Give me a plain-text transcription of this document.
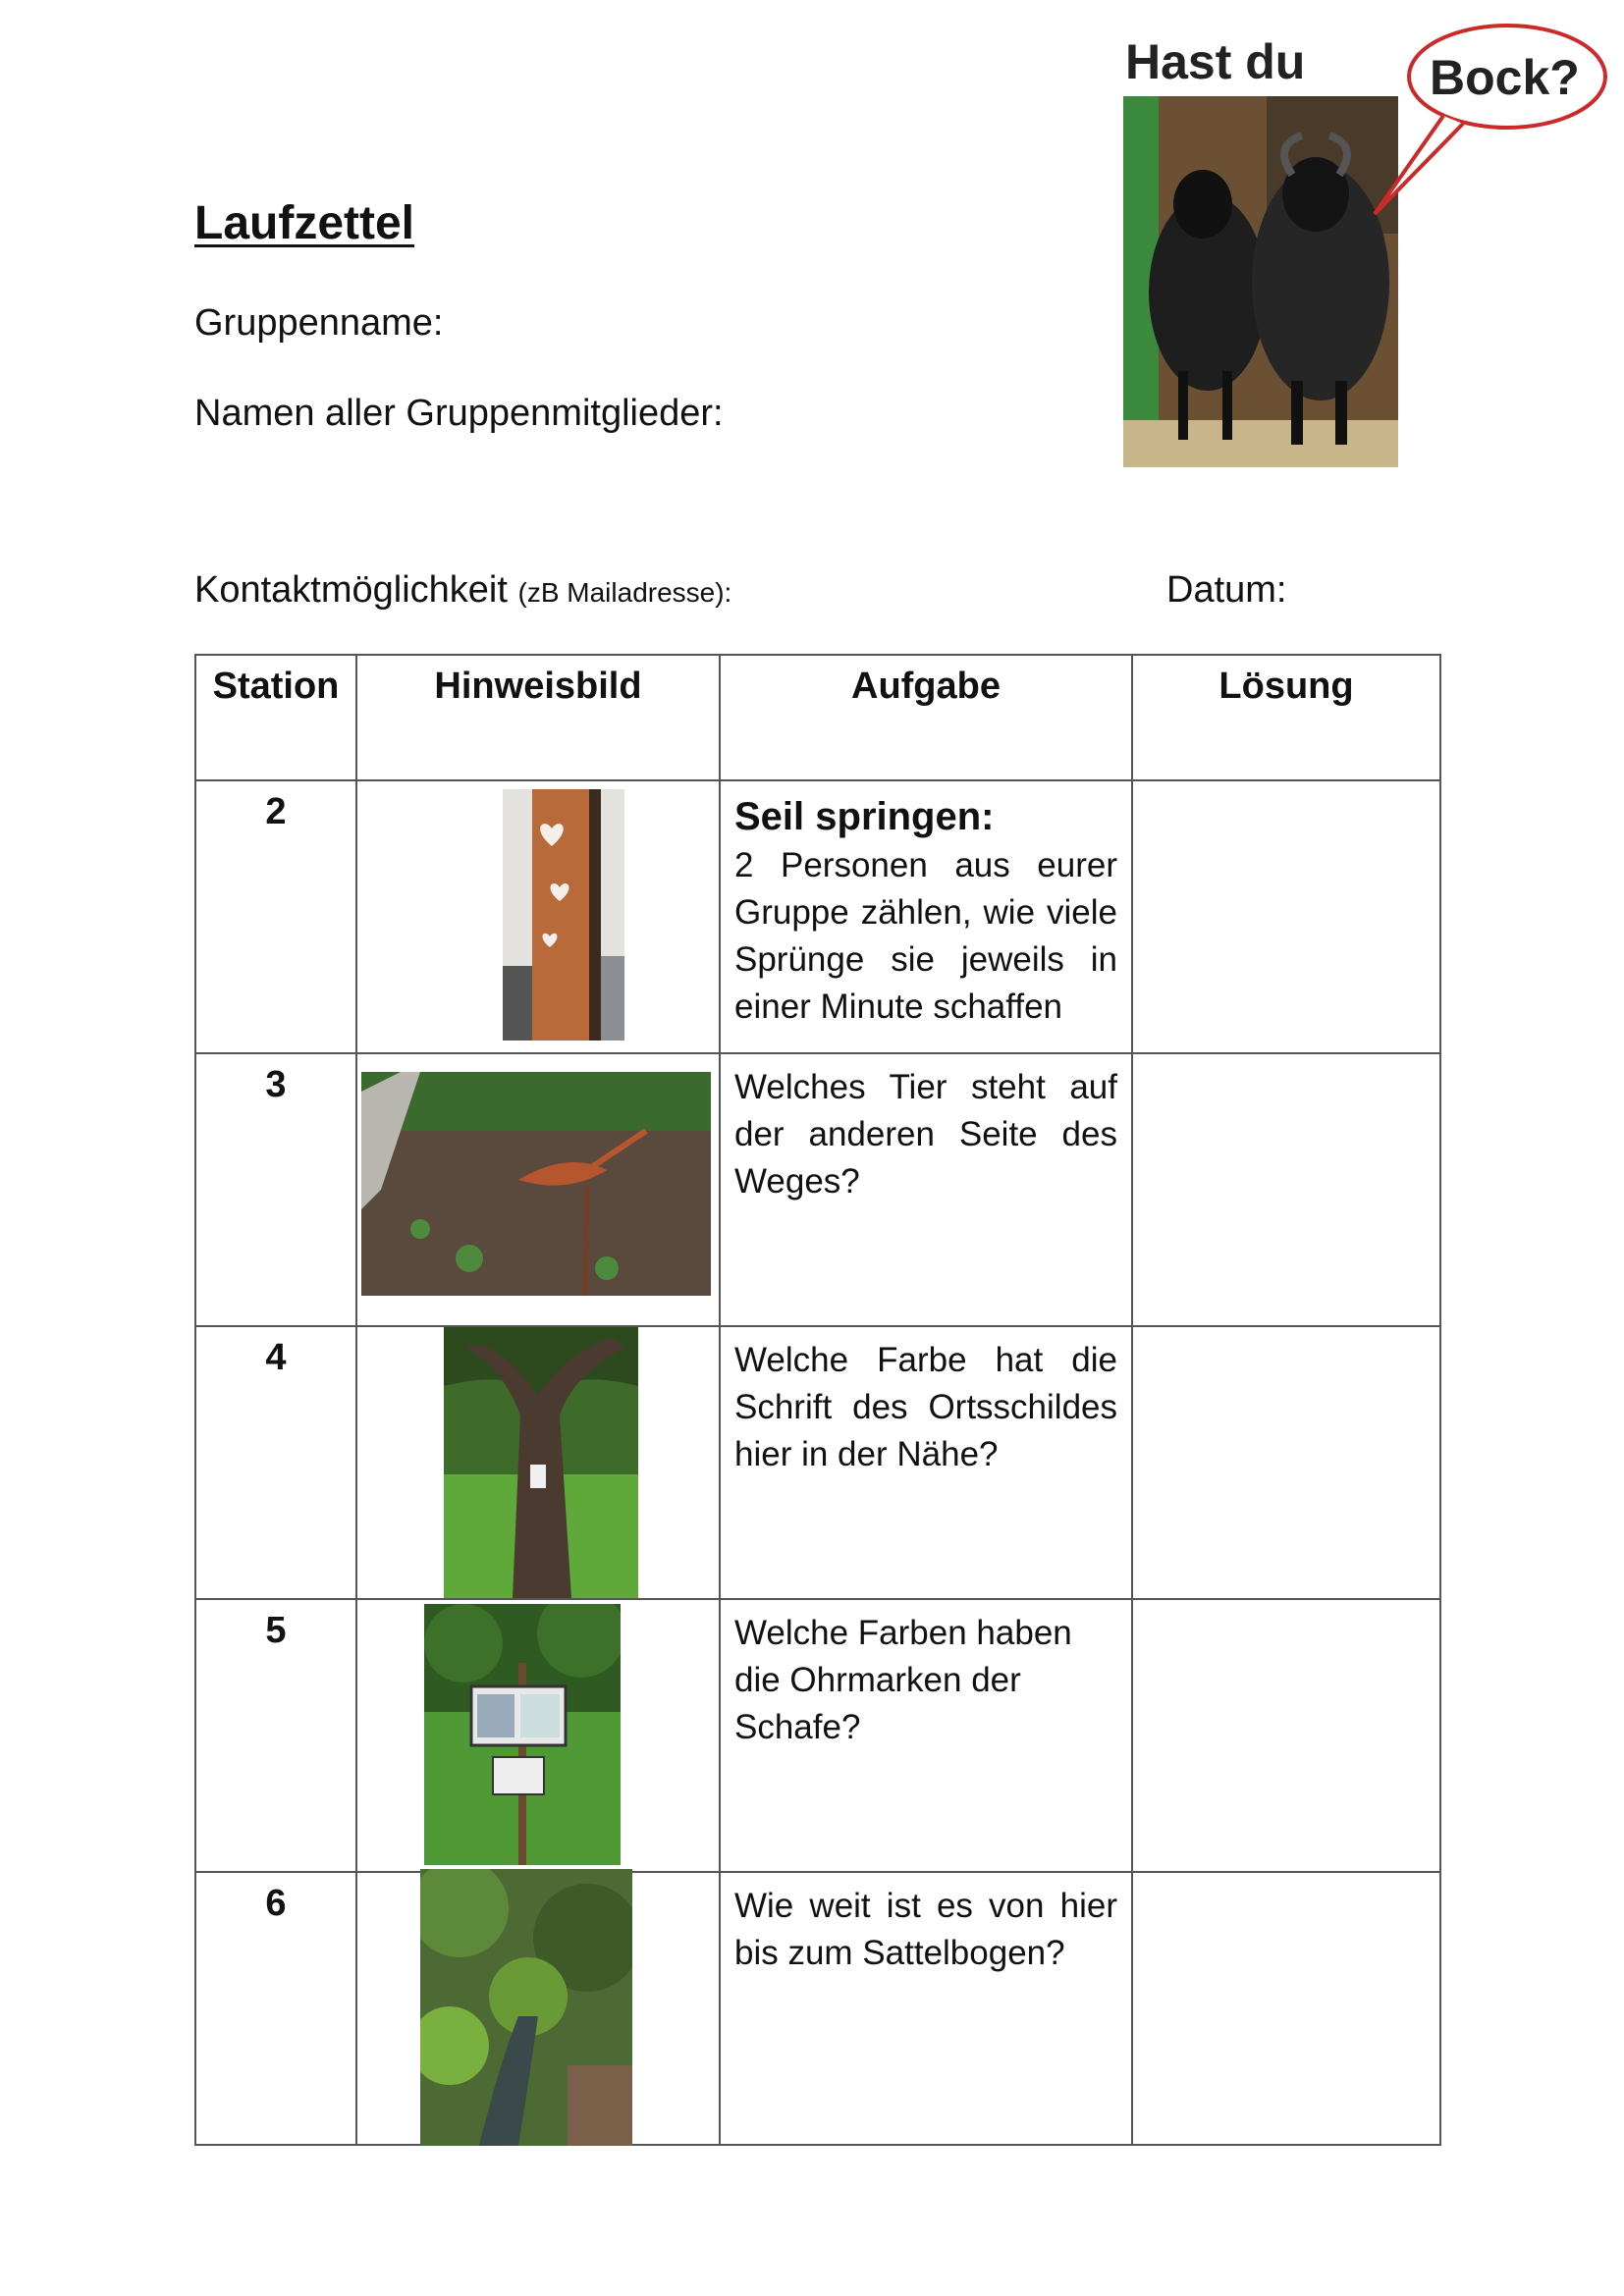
Laufzettel
Gruppenname:
Namen aller Gruppenmitglieder:
Kontaktmöglichkeit (zB Mailadresse):	Datum:
Hast du	Bock?
Station	Hinweisbild	Aufgabe	Lösung
2		Seil springen:
2 Personen aus eurer Gruppe zählen, wie viele Sprünge sie jeweils in einer Minute schaffen	

3		Welches Tier steht auf der anderen Seite des Weges?	

4		Welche Farbe hat die Schrift des Ortsschildes hier in der Nähe?	

5		Welche Farben haben die Ohrmarken der Schafe?	

6		Wie weit ist es von hier bis zum Sattelbogen?	
